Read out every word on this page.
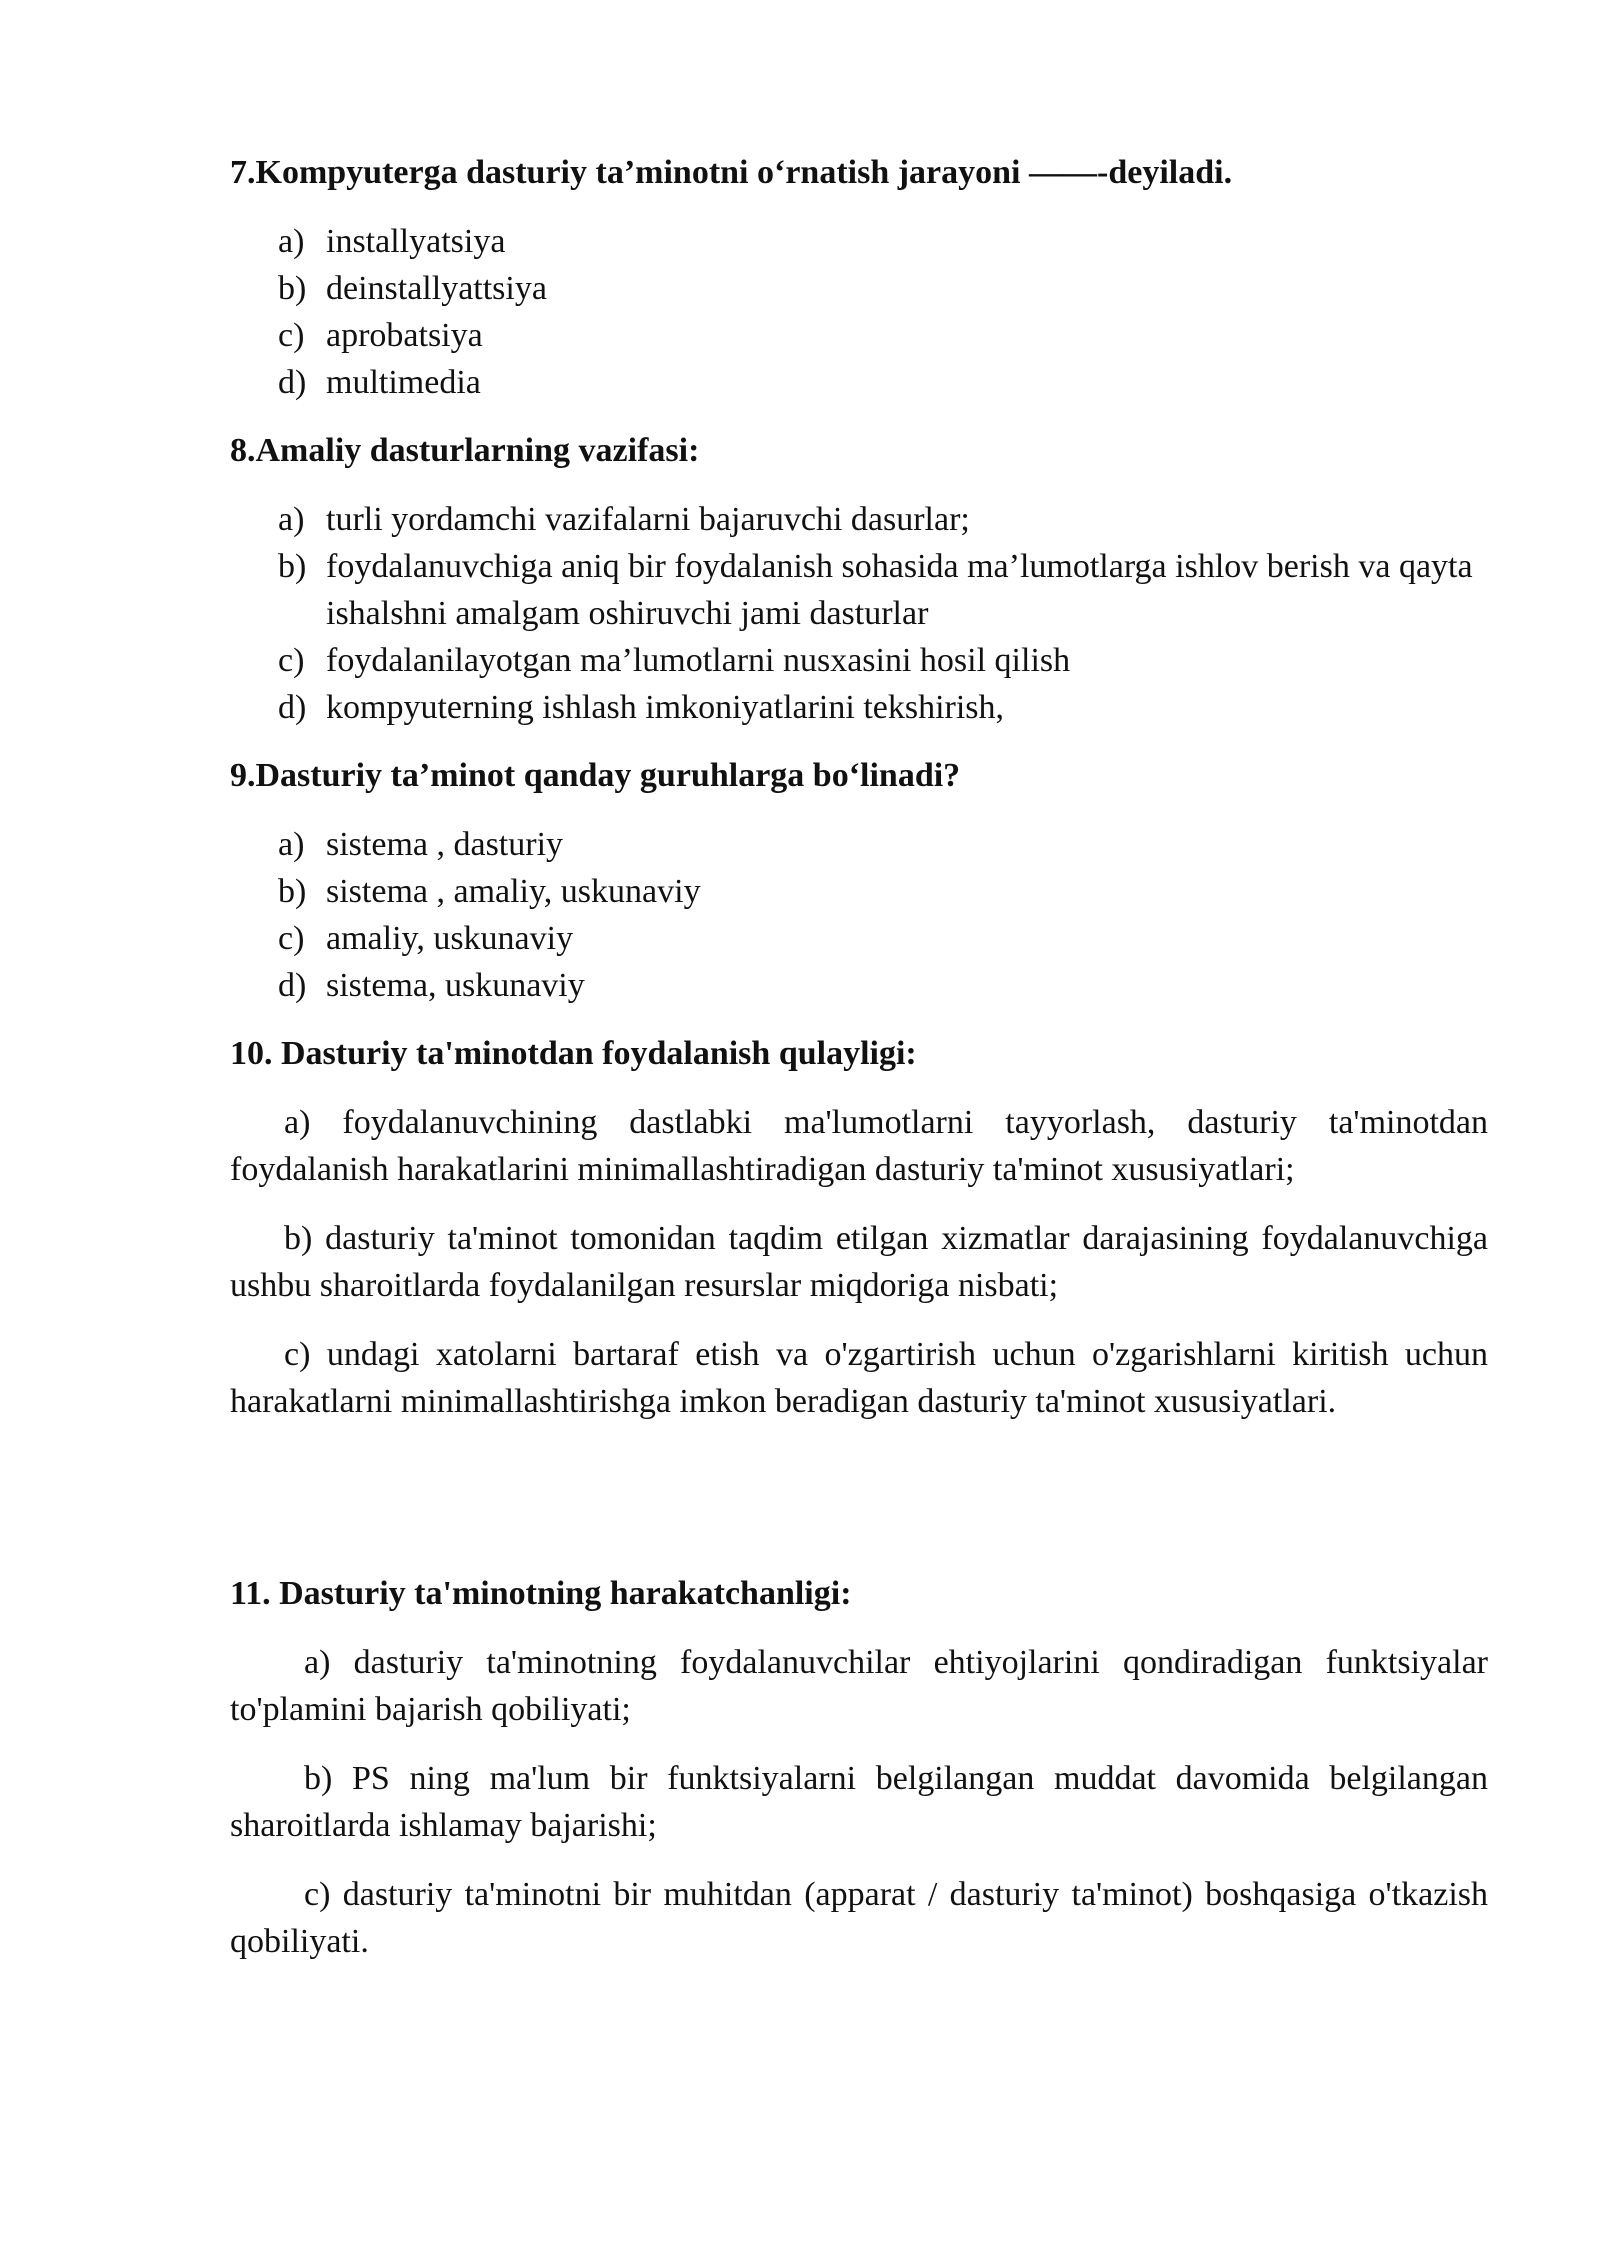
7.Kompyuterga dasturiy ta’minotni o‘rnatish jarayoni ——-deyiladi.

a) installyatsiya
b) deinstallyattsiya
c) aprobatsiya
d) multimedia

8.Amaliy dasturlarning vazifasi:

a) turli yordamchi vazifalarni bajaruvchi dasurlar;
b) foydalanuvchiga aniq bir foydalanish sohasida ma’lumotlarga ishlov berish va qayta ishalshni amalgam oshiruvchi jami dasturlar
c) foydalanilayotgan ma’lumotlarni nusxasini hosil qilish
d) kompyuterning ishlash imkoniyatlarini tekshirish,

9.Dasturiy ta’minot qanday guruhlarga bo‘linadi?

a) sistema , dasturiy
b) sistema , amaliy, uskunaviy
c) amaliy, uskunaviy
d) sistema, uskunaviy

10. Dasturiy ta'minotdan foydalanish qulayligi:

a) foydalanuvchining dastlabki ma'lumotlarni tayyorlash, dasturiy ta'minotdan foydalanish harakatlarini minimallashtiradigan dasturiy ta'minot xususiyatlari;

b) dasturiy ta'minot tomonidan taqdim etilgan xizmatlar darajasining foydalanuvchiga ushbu sharoitlarda foydalanilgan resurslar miqdoriga nisbati;

c) undagi xatolarni bartaraf etish va o'zgartirish uchun o'zgarishlarni kiritish uchun harakatlarni minimallashtirishga imkon beradigan dasturiy ta'minot xususiyatlari.

11. Dasturiy ta'minotning harakatchanligi:

a) dasturiy ta'minotning foydalanuvchilar ehtiyojlarini qondiradigan funktsiyalar to'plamini bajarish qobiliyati;

b) PS ning ma'lum bir funktsiyalarni belgilangan muddat davomida belgilangan sharoitlarda ishlamay bajarishi;

c) dasturiy ta'minotni bir muhitdan (apparat / dasturiy ta'minot) boshqasiga o'tkazish qobiliyati.
